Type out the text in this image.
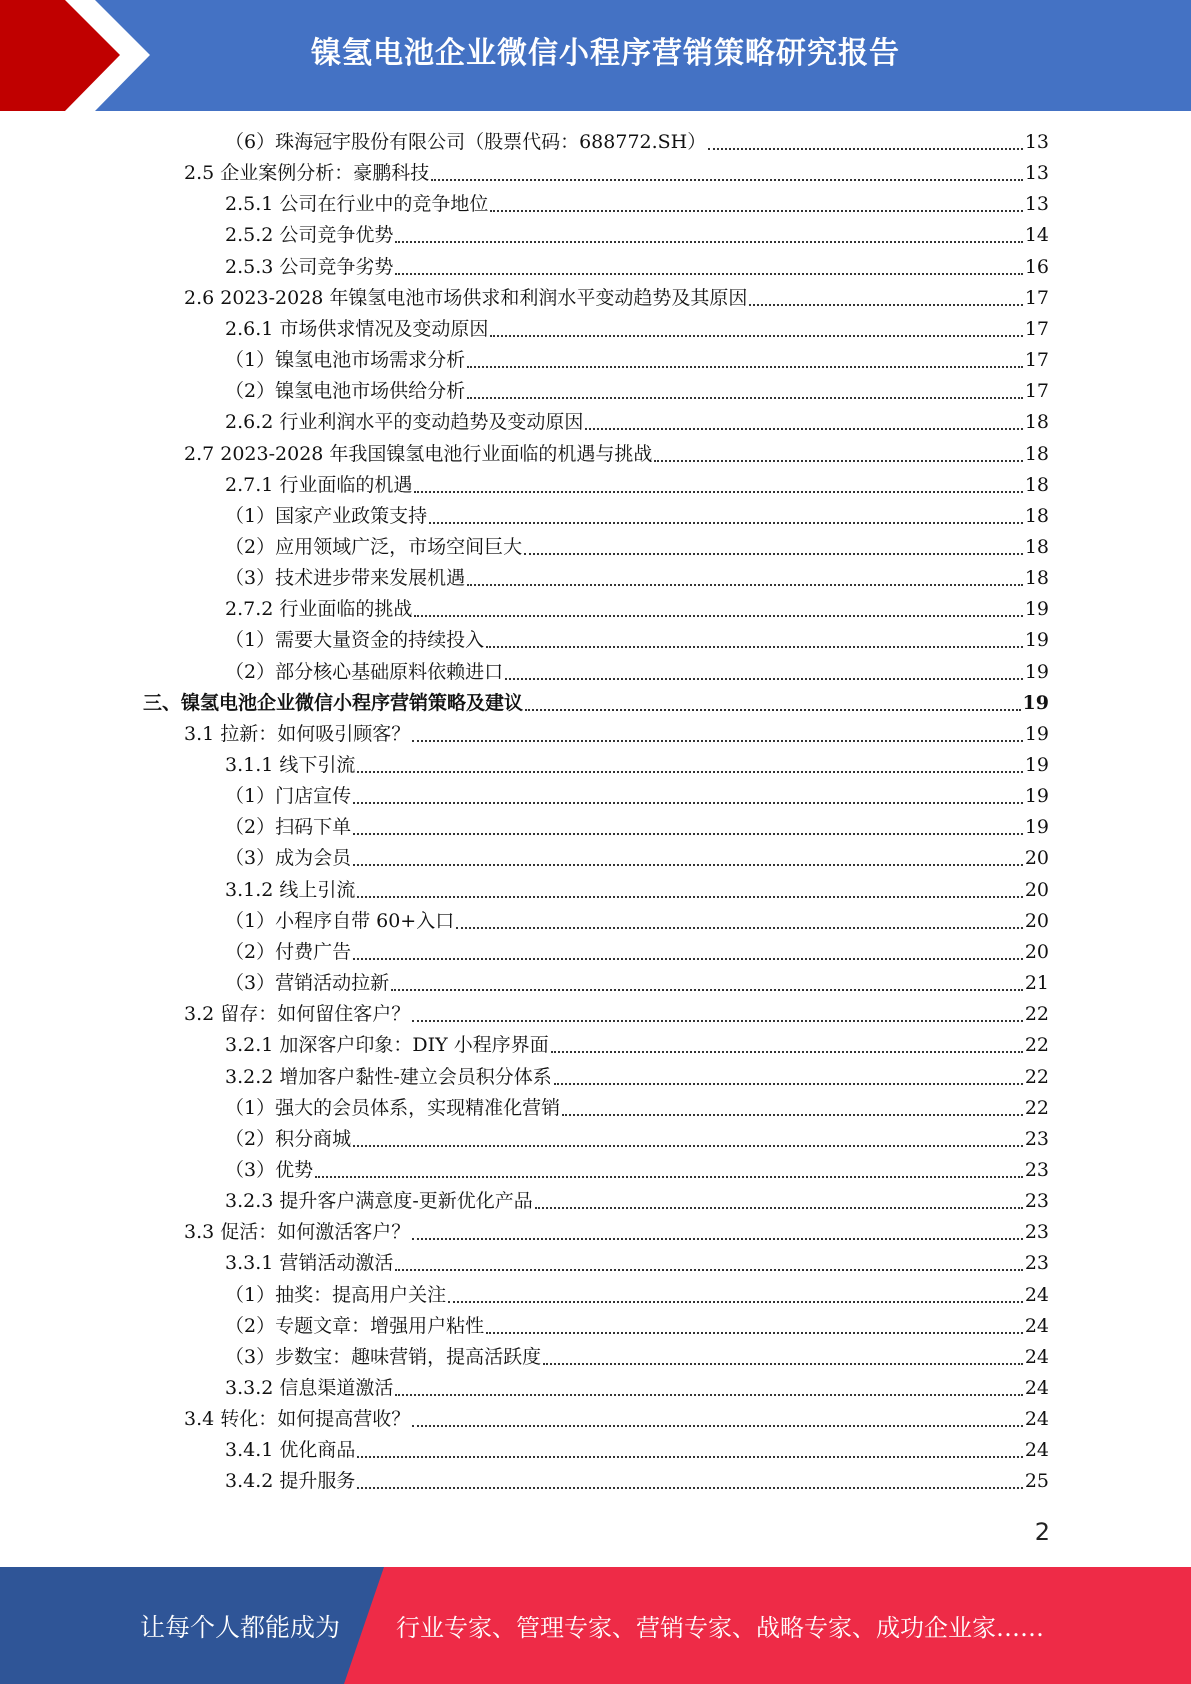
镍氢电池企业微信小程序营销策略研究报告
（6）珠海冠宇股份有限公司（股票代码：688772.SH）	13
2.5 企业案例分析：豪鹏科技	13
2.5.1 公司在行业中的竞争地位	13
2.5.2 公司竞争优势	14
2.5.3 公司竞争劣势	16
2.6 2023-2028 年镍氢电池市场供求和利润水平变动趋势及其原因	17
2.6.1 市场供求情况及变动原因	17
（1）镍氢电池市场需求分析	17
（2）镍氢电池市场供给分析	17
2.6.2 行业利润水平的变动趋势及变动原因	18
2.7 2023-2028 年我国镍氢电池行业面临的机遇与挑战	18
2.7.1 行业面临的机遇	18
（1）国家产业政策支持	18
（2）应用领域广泛，市场空间巨大	18
（3）技术进步带来发展机遇	18
2.7.2 行业面临的挑战	19
（1）需要大量资金的持续投入	19
（2）部分核心基础原料依赖进口	19
三、镍氢电池企业微信小程序营销策略及建议	19
3.1 拉新：如何吸引顾客？	19
3.1.1 线下引流	19
（1）门店宣传	19
（2）扫码下单	19
（3）成为会员	20
3.1.2 线上引流	20
（1）小程序自带 60+入口	20
（2）付费广告	20
（3）营销活动拉新	21
3.2 留存：如何留住客户？	22
3.2.1 加深客户印象：DIY 小程序界面	22
3.2.2 增加客户黏性-建立会员积分体系	22
（1）强大的会员体系，实现精准化营销	22
（2）积分商城	23
（3）优势	23
3.2.3 提升客户满意度-更新优化产品	23
3.3 促活：如何激活客户？	23
3.3.1 营销活动激活	23
（1）抽奖：提高用户关注	24
（2）专题文章：增强用户粘性	24
（3）步数宝：趣味营销，提高活跃度	24
3.3.2 信息渠道激活	24
3.4 转化：如何提高营收？	24
3.4.1 优化商品	24
3.4.2 提升服务	25
2
让每个人都能成为 行业专家、管理专家、营销专家、战略专家、成功企业家……
